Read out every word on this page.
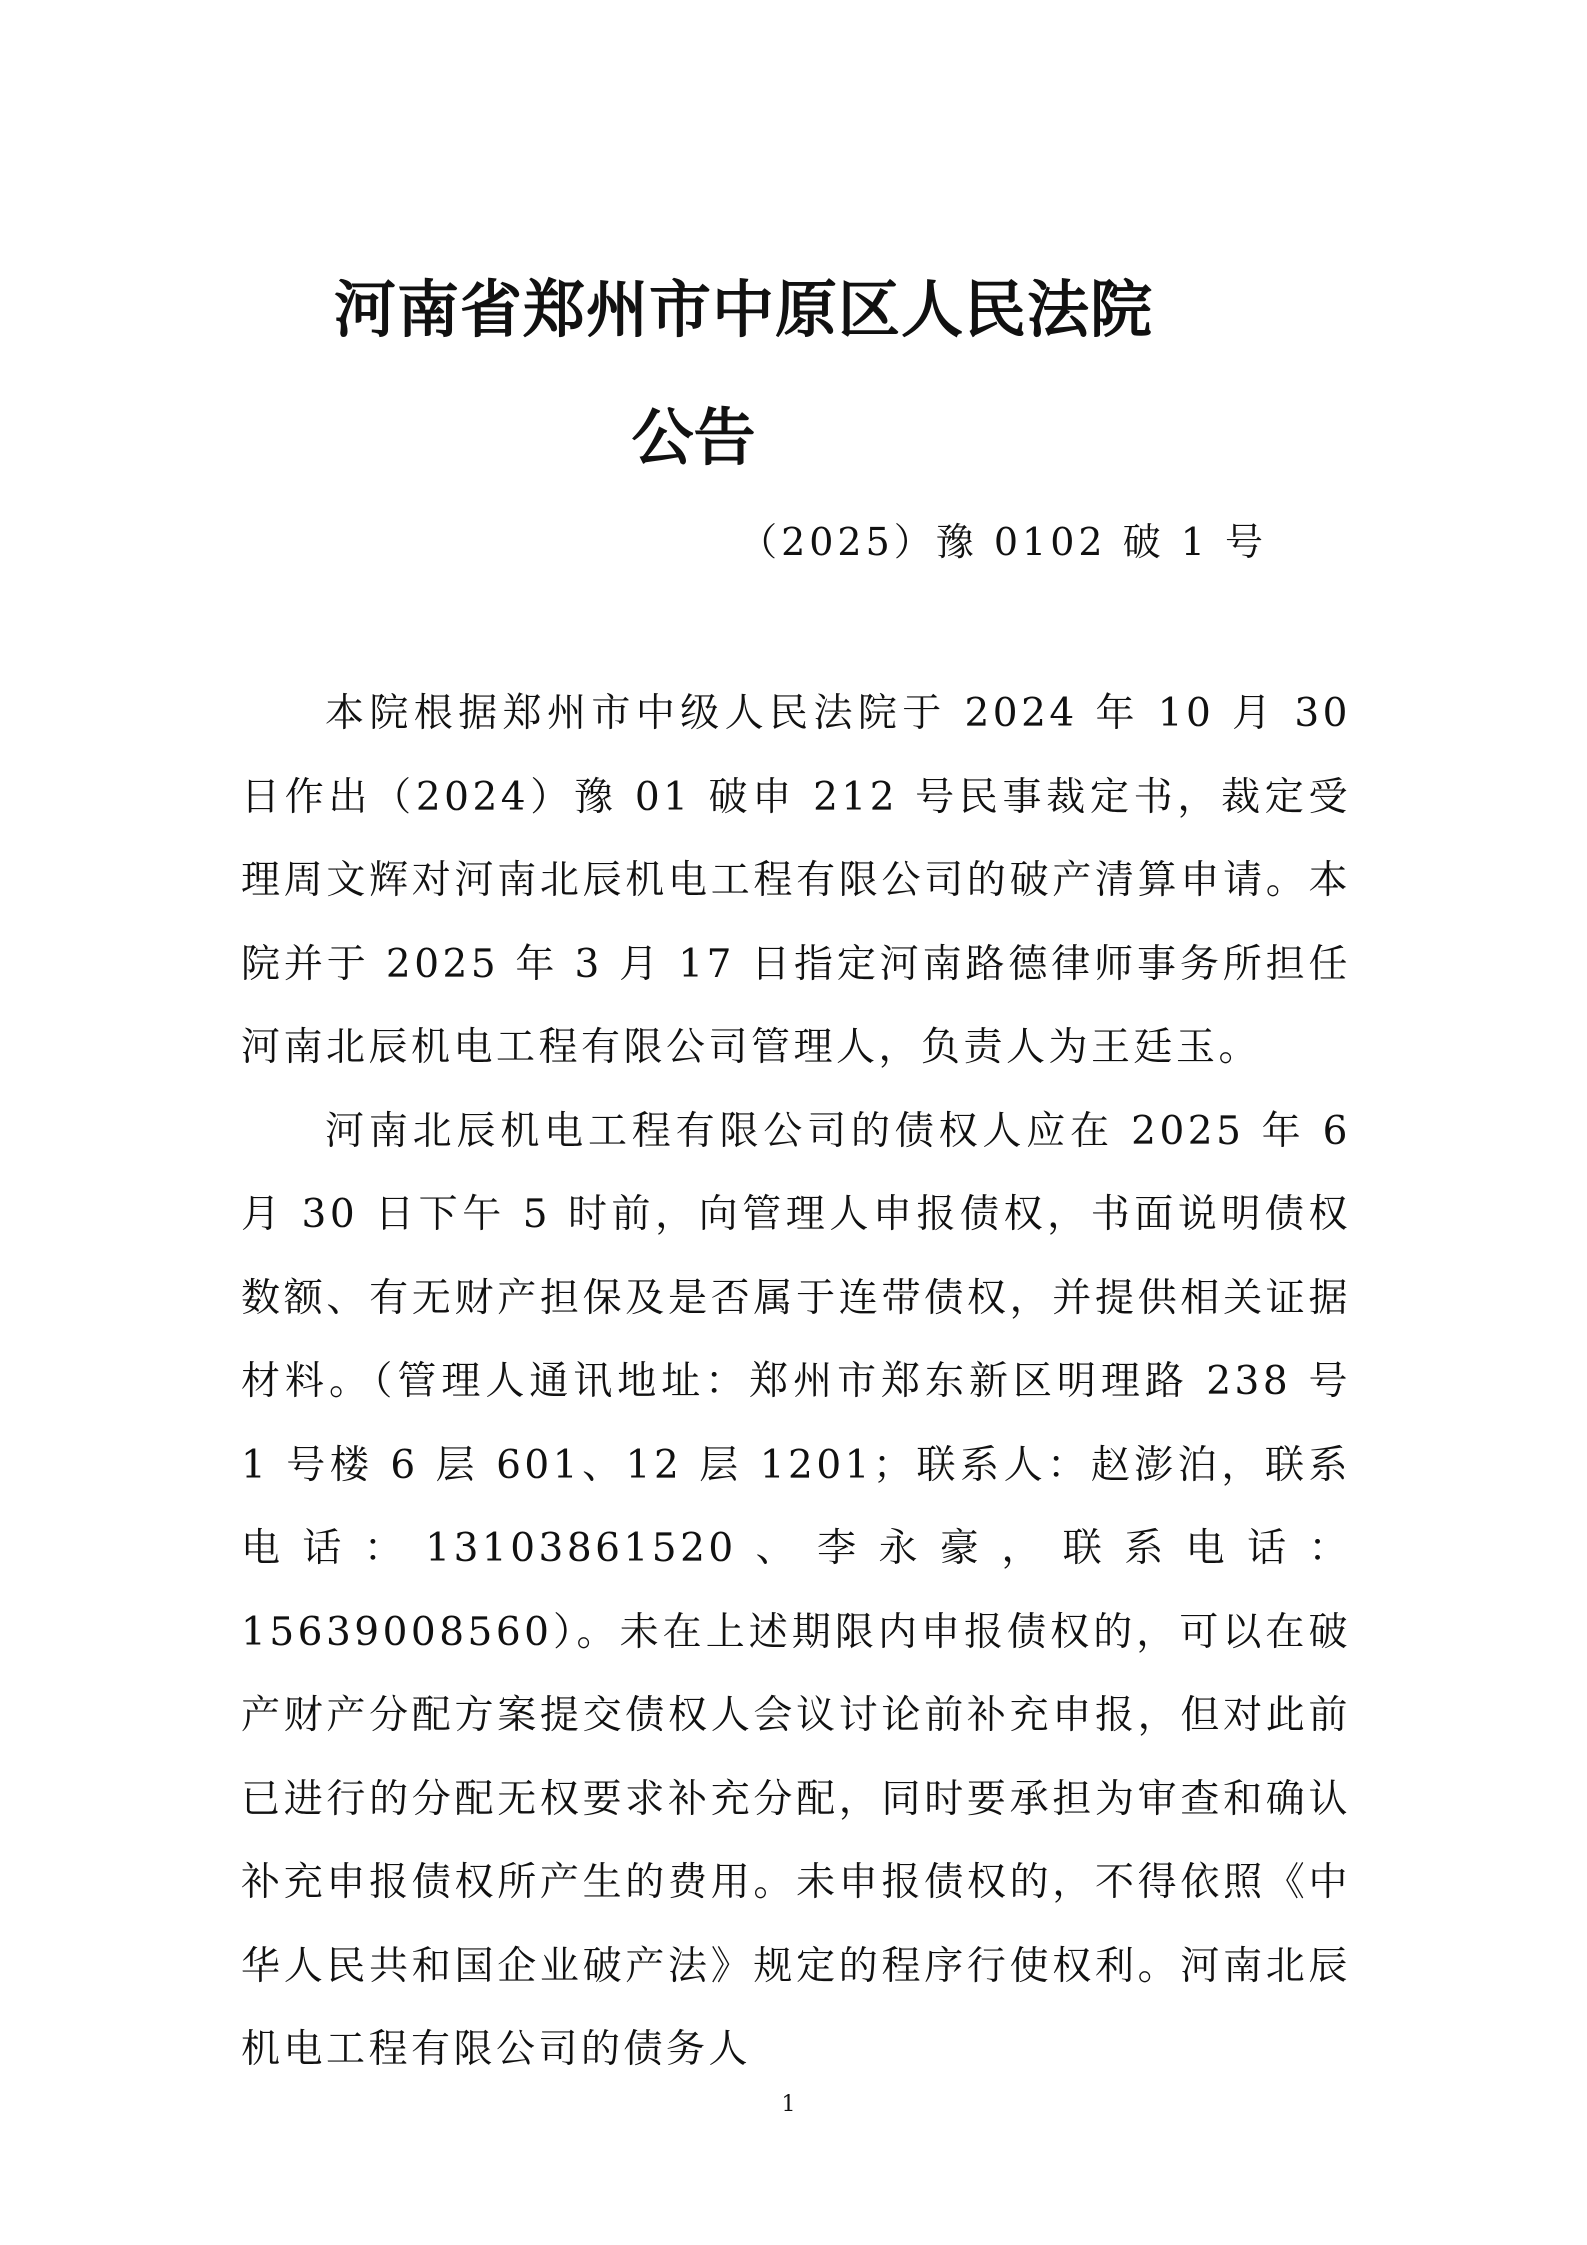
河南省郑州市中原区人民法院
公告
（2025）豫 0102 破 1 号

本院根据郑州市中级人民法院于 2024 年 10 月 30 日作出（2024）豫 01 破申 212 号民事裁定书，裁定受理周文辉对河南北辰机电工程有限公司的破产清算申请。本院并于 2025 年 3 月 17 日指定河南路德律师事务所担任河南北辰机电工程有限公司管理人，负责人为王廷玉。

河南北辰机电工程有限公司的债权人应在 2025 年 6 月 30 日下午 5 时前，向管理人申报债权，书面说明债权数额、有无财产担保及是否属于连带债权，并提供相关证据材料。（管理人通讯地址：郑州市郑东新区明理路 238 号 1 号楼 6 层 601、12 层 1201；联系人：赵澎泊，联系电话：13103861520、李永豪，联系电话：15639008560）。未在上述期限内申报债权的，可以在破产财产分配方案提交债权人会议讨论前补充申报，但对此前已进行的分配无权要求补充分配，同时要承担为审查和确认补充申报债权所产生的费用。未申报债权的，不得依照《中华人民共和国企业破产法》规定的程序行使权利。河南北辰机电工程有限公司的债务人

1
